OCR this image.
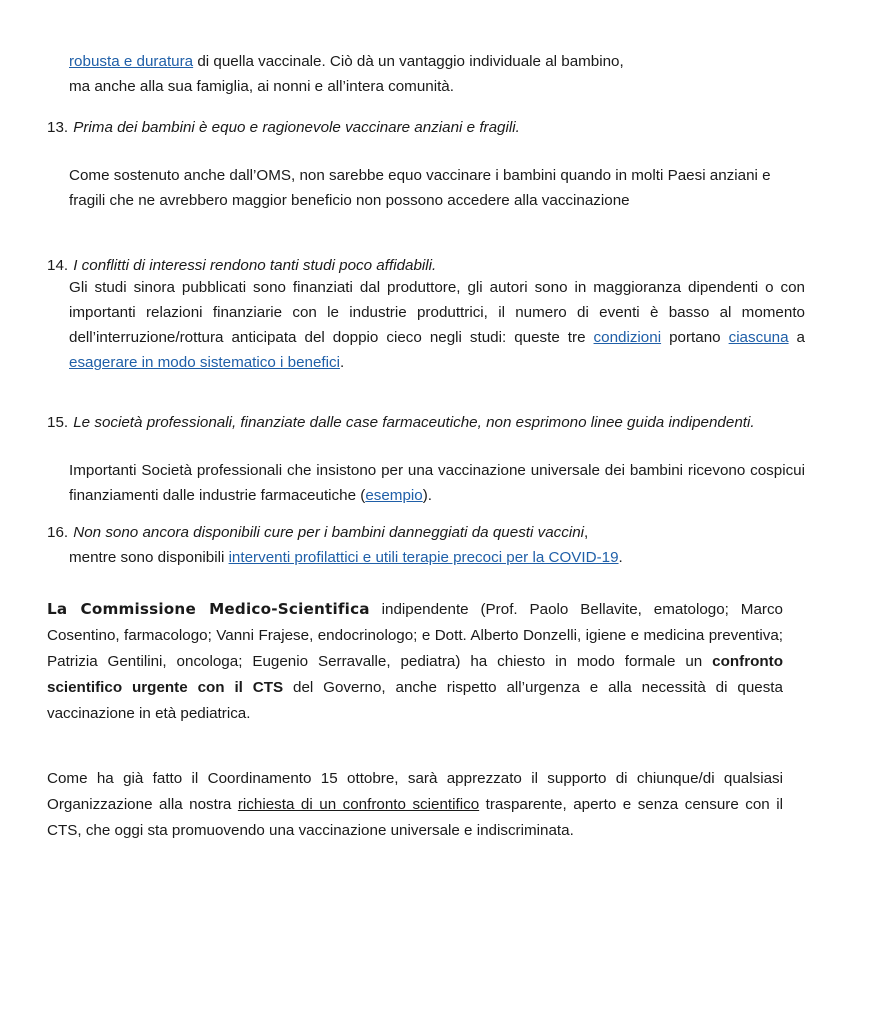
robusta e duratura di quella vaccinale. Ciò dà un vantaggio individuale al bambino,

ma anche alla sua famiglia, ai nonni e all’intera comunità.

13. Prima dei bambini è equo e ragionevole vaccinare anziani e fragili.

Come sostenuto anche dall’OMS, non sarebbe equo vaccinare i bambini quando in molti Paesi anziani e fragili che ne avrebbero maggior beneficio non possono accedere alla vaccinazione

14. I conflitti di interessi rendono tanti studi poco affidabili.

Gli studi sinora pubblicati sono finanziati dal produttore, gli autori sono in maggioranza dipendenti o con importanti relazioni finanziarie con le industrie produttrici, il numero di eventi è basso al momento dell’interruzione/rottura anticipata del doppio cieco negli studi: queste tre condizioni portano ciascuna a esagerare in modo sistematico i benefici.

15.
Le società professionali, finanziate dalle case farmaceutiche, non esprimono linee guida indipendenti.

Importanti Società professionali che insistono per una vaccinazione universale dei bambini ricevono cospicui finanziamenti dalle industrie farmaceutiche (esempio).

16. Non sono ancora disponibili cure per i bambini danneggiati da questi vaccini,

mentre sono disponibili interventi profilattici e utili terapie precoci per la COVID-19.

La Commissione Medico-Scientifica indipendente (Prof. Paolo Bellavite, ematologo; Marco Cosentino, farmacologo; Vanni Frajese, endocrinologo; e Dott. Alberto Donzelli, igiene e medicina preventiva; Patrizia Gentilini, oncologa; Eugenio Serravalle, pediatra) ha chiesto in modo formale un confronto scientifico urgente con il CTS del Governo, anche rispetto all’urgenza e alla necessità di questa vaccinazione in età pediatrica.

Come ha già fatto il Coordinamento 15 ottobre, sarà apprezzato il supporto di chiunque/di qualsiasi Organizzazione alla nostra richiesta di un confronto scientifico trasparente, aperto e senza censure con il CTS, che oggi sta promuovendo una vaccinazione universale e indiscriminata.
